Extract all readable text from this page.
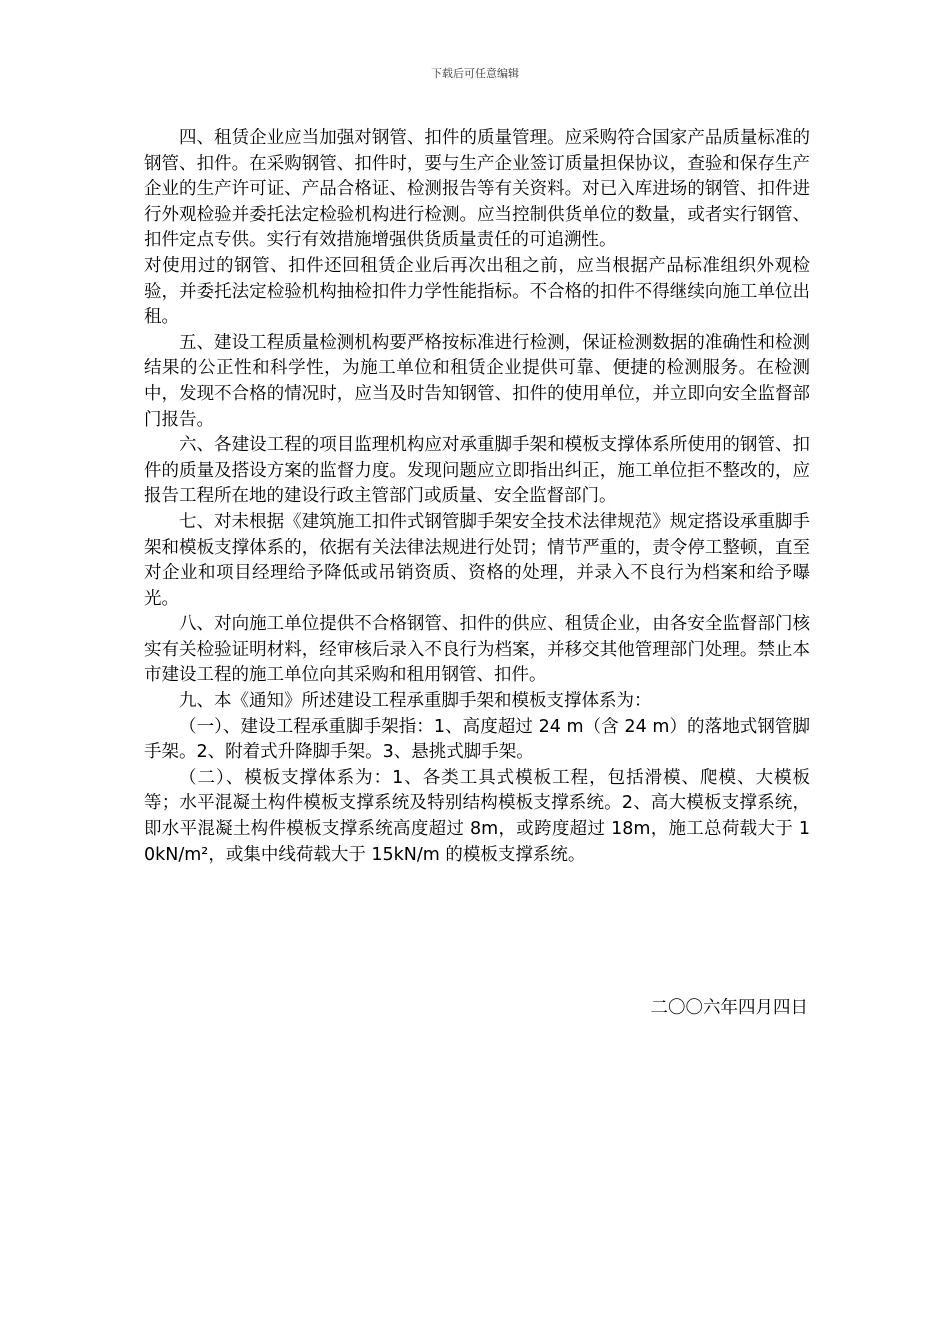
下载后可任意编辑

四、租赁企业应当加强对钢管、扣件的质量管理。应采购符合国家产品质量标准的钢管、扣件。在采购钢管、扣件时，要与生产企业签订质量担保协议，查验和保存生产企业的生产许可证、产品合格证、检测报告等有关资料。对已入库进场的钢管、扣件进行外观检验并委托法定检验机构进行检测。应当控制供货单位的数量，或者实行钢管、扣件定点专供。实行有效措施增强供货质量责任的可追溯性。

对使用过的钢管、扣件还回租赁企业后再次出租之前，应当根据产品标准组织外观检验，并委托法定检验机构抽检扣件力学性能指标。不合格的扣件不得继续向施工单位出租。

五、建设工程质量检测机构要严格按标准进行检测，保证检测数据的准确性和检测结果的公正性和科学性，为施工单位和租赁企业提供可靠、便捷的检测服务。在检测中，发现不合格的情况时，应当及时告知钢管、扣件的使用单位，并立即向安全监督部门报告。

六、各建设工程的项目监理机构应对承重脚手架和模板支撑体系所使用的钢管、扣件的质量及搭设方案的监督力度。发现问题应立即指出纠正，施工单位拒不整改的，应报告工程所在地的建设行政主管部门或质量、安全监督部门。

七、对未根据《建筑施工扣件式钢管脚手架安全技术法律规范》规定搭设承重脚手架和模板支撑体系的，依据有关法律法规进行处罚；情节严重的，责令停工整顿，直至对企业和项目经理给予降低或吊销资质、资格的处理，并录入不良行为档案和给予曝光。

八、对向施工单位提供不合格钢管、扣件的供应、租赁企业，由各安全监督部门核实有关检验证明材料，经审核后录入不良行为档案，并移交其他管理部门处理。禁止本市建设工程的施工单位向其采购和租用钢管、扣件。

九、本《通知》所述建设工程承重脚手架和模板支撑体系为：

（一）、建设工程承重脚手架指：1、高度超过 24 m（含 24 m）的落地式钢管脚手架。2、附着式升降脚手架。3、悬挑式脚手架。

（二）、模板支撑体系为：1、各类工具式模板工程，包括滑模、爬模、大模板等；水平混凝土构件模板支撑系统及特别结构模板支撑系统。2、高大模板支撑系统，即水平混凝土构件模板支撑系统高度超过 8m，或跨度超过 18m，施工总荷载大于 10kN/m²，或集中线荷载大于 15kN/m 的模板支撑系统。

二〇〇六年四月四日
